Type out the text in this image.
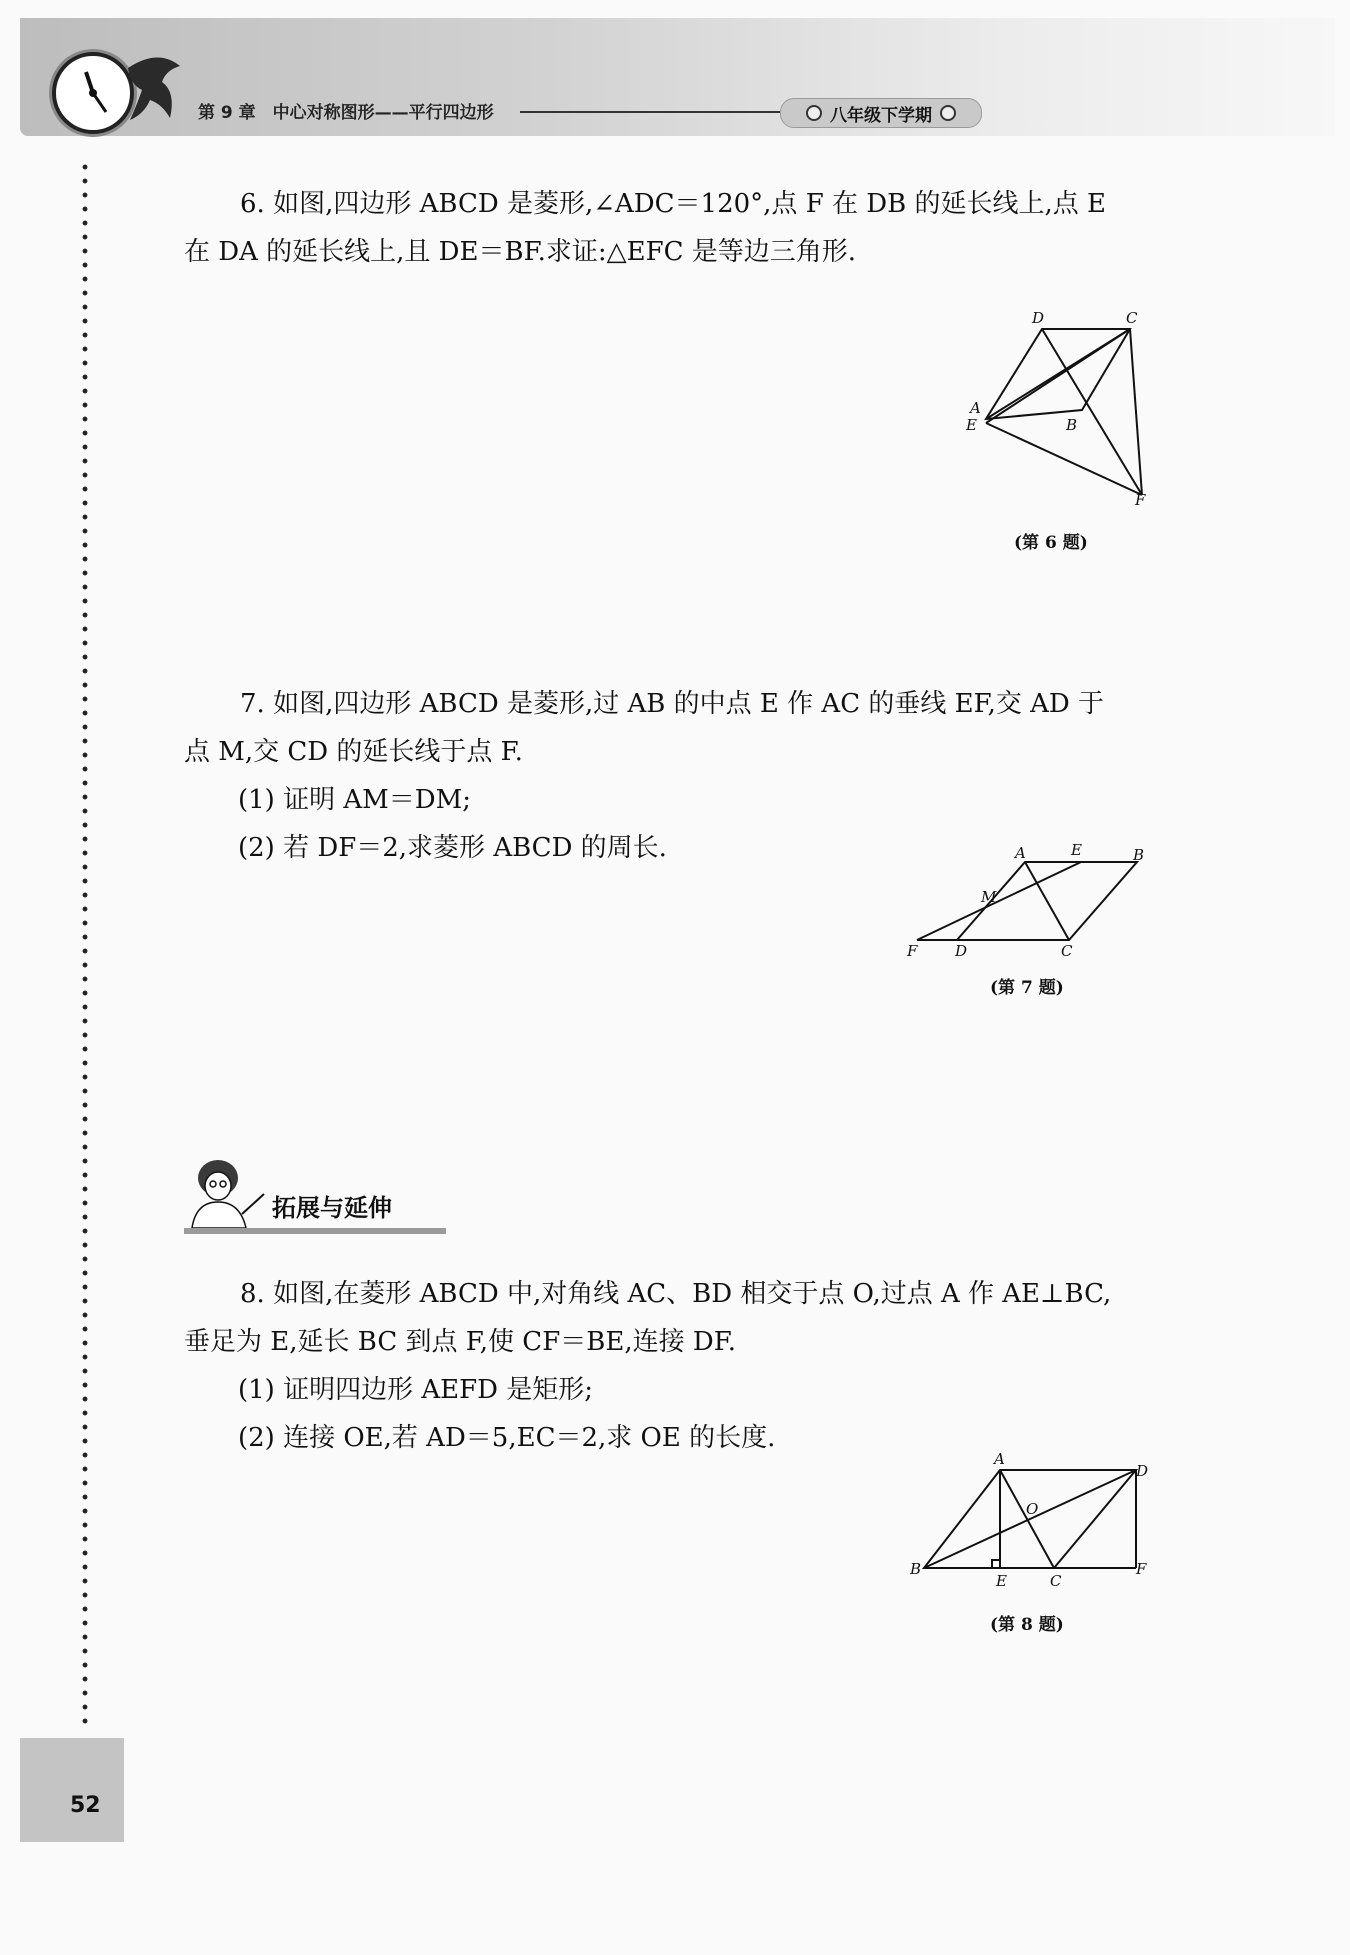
第 9 章　中心对称图形——平行四边形	八年级下学期
52
6. 如图,四边形 ABCD 是菱形,∠ADC＝120°,点 F 在 DB 的延长线上,点 E
在 DA 的延长线上,且 DE＝BF.求证:△EFC 是等边三角形.
D	C
A
E	B
F
(第 6 题)
7. 如图,四边形 ABCD 是菱形,过 AB 的中点 E 作 AC 的垂线 EF,交 AD 于
点 M,交 CD 的延长线于点 F.
(1) 证明 AM＝DM;
(2) 若 DF＝2,求菱形 ABCD 的周长.	A	E	B
M
F	D	C
(第 7 题)
拓展与延伸
8. 如图,在菱形 ABCD 中,对角线 AC、BD 相交于点 O,过点 A 作 AE⊥BC,
垂足为 E,延长 BC 到点 F,使 CF＝BE,连接 DF.
(1) 证明四边形 AEFD 是矩形;
(2) 连接 OE,若 AD＝5,EC＝2,求 OE 的长度.
A
D
O
B
E	C
F
(第 8 题)
